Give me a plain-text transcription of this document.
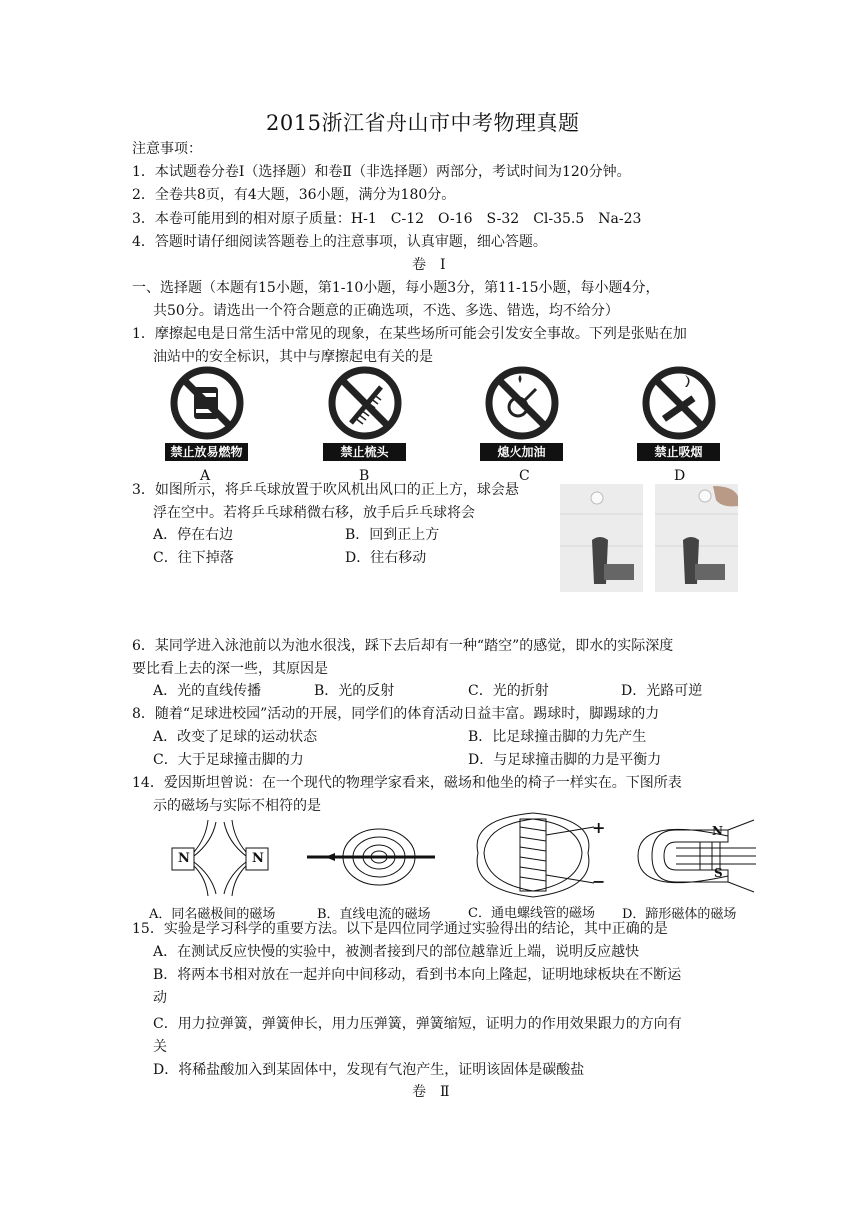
2015浙江省舟山市中考物理真题
注意事项：
1．本试题卷分卷Ⅰ（选择题）和卷Ⅱ（非选择题）两部分，考试时间为120分钟。
2．全卷共8页，有4大题，36小题，满分为180分。
3．本卷可能用到的相对原子质量：H-1　C-12　O-16　S-32　Cl-35.5　Na-23
4．答题时请仔细阅读答题卷上的注意事项，认真审题，细心答题。
卷　Ⅰ
一、选择题（本题有15小题，第1-10小题，每小题3分，第11-15小题，每小题4分，
共50分。请选出一个符合题意的正确选项，不选、多选、错选，均不给分）
1．摩擦起电是日常生活中常见的现象，在某些场所可能会引发安全事故。下列是张贴在加
油站中的安全标识，其中与摩擦起电有关的是
禁止放易燃物
A
禁止梳头
B
熄火加油
C
禁止吸烟
D
3．如图所示，将乒乓球放置于吹风机出风口的正上方，球会悬
浮在空中。若将乒乓球稍微右移，放手后乒乓球将会
A．停在右边	B．回到正上方
C．往下掉落	D．往右移动
6．某同学进入泳池前以为池水很浅，踩下去后却有一种“踏空”的感觉，即水的实际深度
要比看上去的深一些，其原因是
A．光的直线传播	B．光的反射	C．光的折射	D．光路可逆
8．随着“足球进校园”活动的开展，同学们的体育活动日益丰富。踢球时，脚踢球的力
A．改变了足球的运动状态	B．比足球撞击脚的力先产生
C．大于足球撞击脚的力	D．与足球撞击脚的力是平衡力
14．爱因斯坦曾说：在一个现代的物理学家看来，磁场和他坐的椅子一样实在。下图所表
示的磁场与实际不相符的是
N	N
+
−
N
S
A．同名磁极间的磁场	B．直线电流的磁场	C．通电螺线管的磁场 D．蹄形磁体的磁场
15．实验是学习科学的重要方法。以下是四位同学通过实验得出的结论，其中正确的是
A．在测试反应快慢的实验中，被测者接到尺的部位越靠近上端，说明反应越快
B．将两本书相对放在一起并向中间移动，看到书本向上隆起，证明地球板块在不断运
动
C．用力拉弹簧，弹簧伸长，用力压弹簧，弹簧缩短，证明力的作用效果跟力的方向有
关
D．将稀盐酸加入到某固体中，发现有气泡产生，证明该固体是碳酸盐
卷　Ⅱ
